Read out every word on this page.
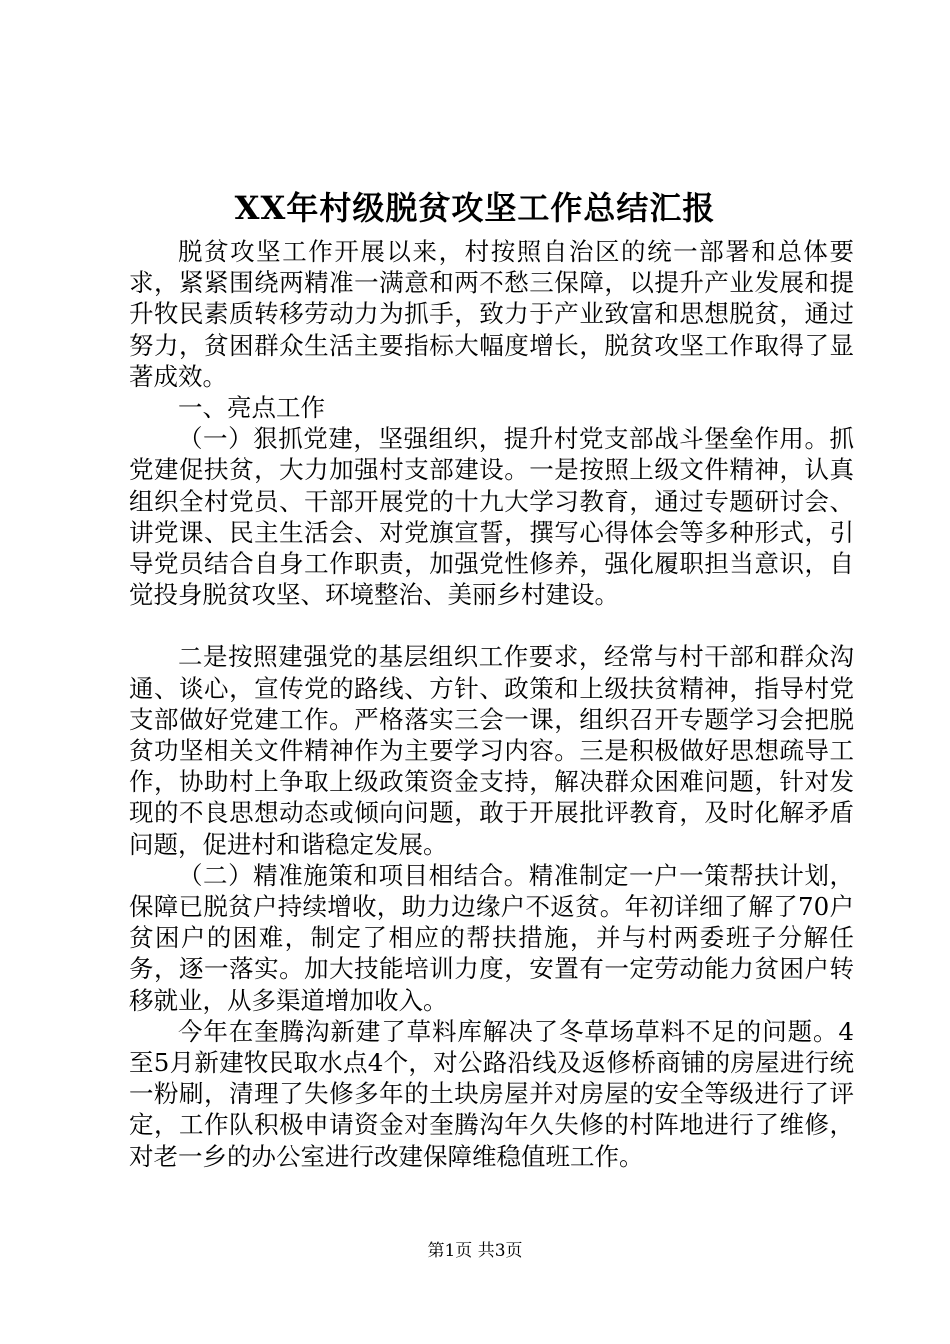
XX年村级脱贫攻坚工作总结汇报

脱贫攻坚工作开展以来，村按照自治区的统一部署和总体要求，紧紧围绕两精准一满意和两不愁三保障，以提升产业发展和提升牧民素质转移劳动力为抓手，致力于产业致富和思想脱贫，通过努力，贫困群众生活主要指标大幅度增长，脱贫攻坚工作取得了显著成效。

一、亮点工作

（一）狠抓党建，坚强组织，提升村党支部战斗堡垒作用。抓党建促扶贫，大力加强村支部建设。一是按照上级文件精神，认真组织全村党员、干部开展党的十九大学习教育，通过专题研讨会、讲党课、民主生活会、对党旗宣誓，撰写心得体会等多种形式，引导党员结合自身工作职责，加强党性修养，强化履职担当意识，自觉投身脱贫攻坚、环境整治、美丽乡村建设。

二是按照建强党的基层组织工作要求，经常与村干部和群众沟通、谈心，宣传党的路线、方针、政策和上级扶贫精神，指导村党支部做好党建工作。严格落实三会一课，组织召开专题学习会把脱贫功坚相关文件精神作为主要学习内容。三是积极做好思想疏导工作，协助村上争取上级政策资金支持，解决群众困难问题，针对发现的不良思想动态或倾向问题，敢于开展批评教育，及时化解矛盾问题，促进村和谐稳定发展。

（二）精准施策和项目相结合。精准制定一户一策帮扶计划，保障已脱贫户持续增收，助力边缘户不返贫。年初详细了解了70户贫困户的困难，制定了相应的帮扶措施，并与村两委班子分解任务，逐一落实。加大技能培训力度，安置有一定劳动能力贫困户转移就业，从多渠道增加收入。

今年在奎腾沟新建了草料库解决了冬草场草料不足的问题。4至5月新建牧民取水点4个，对公路沿线及返修桥商铺的房屋进行统一粉刷，清理了失修多年的土块房屋并对房屋的安全等级进行了评定，工作队积极申请资金对奎腾沟年久失修的村阵地进行了维修，对老一乡的办公室进行改建保障维稳值班工作。

第1页 共3页
